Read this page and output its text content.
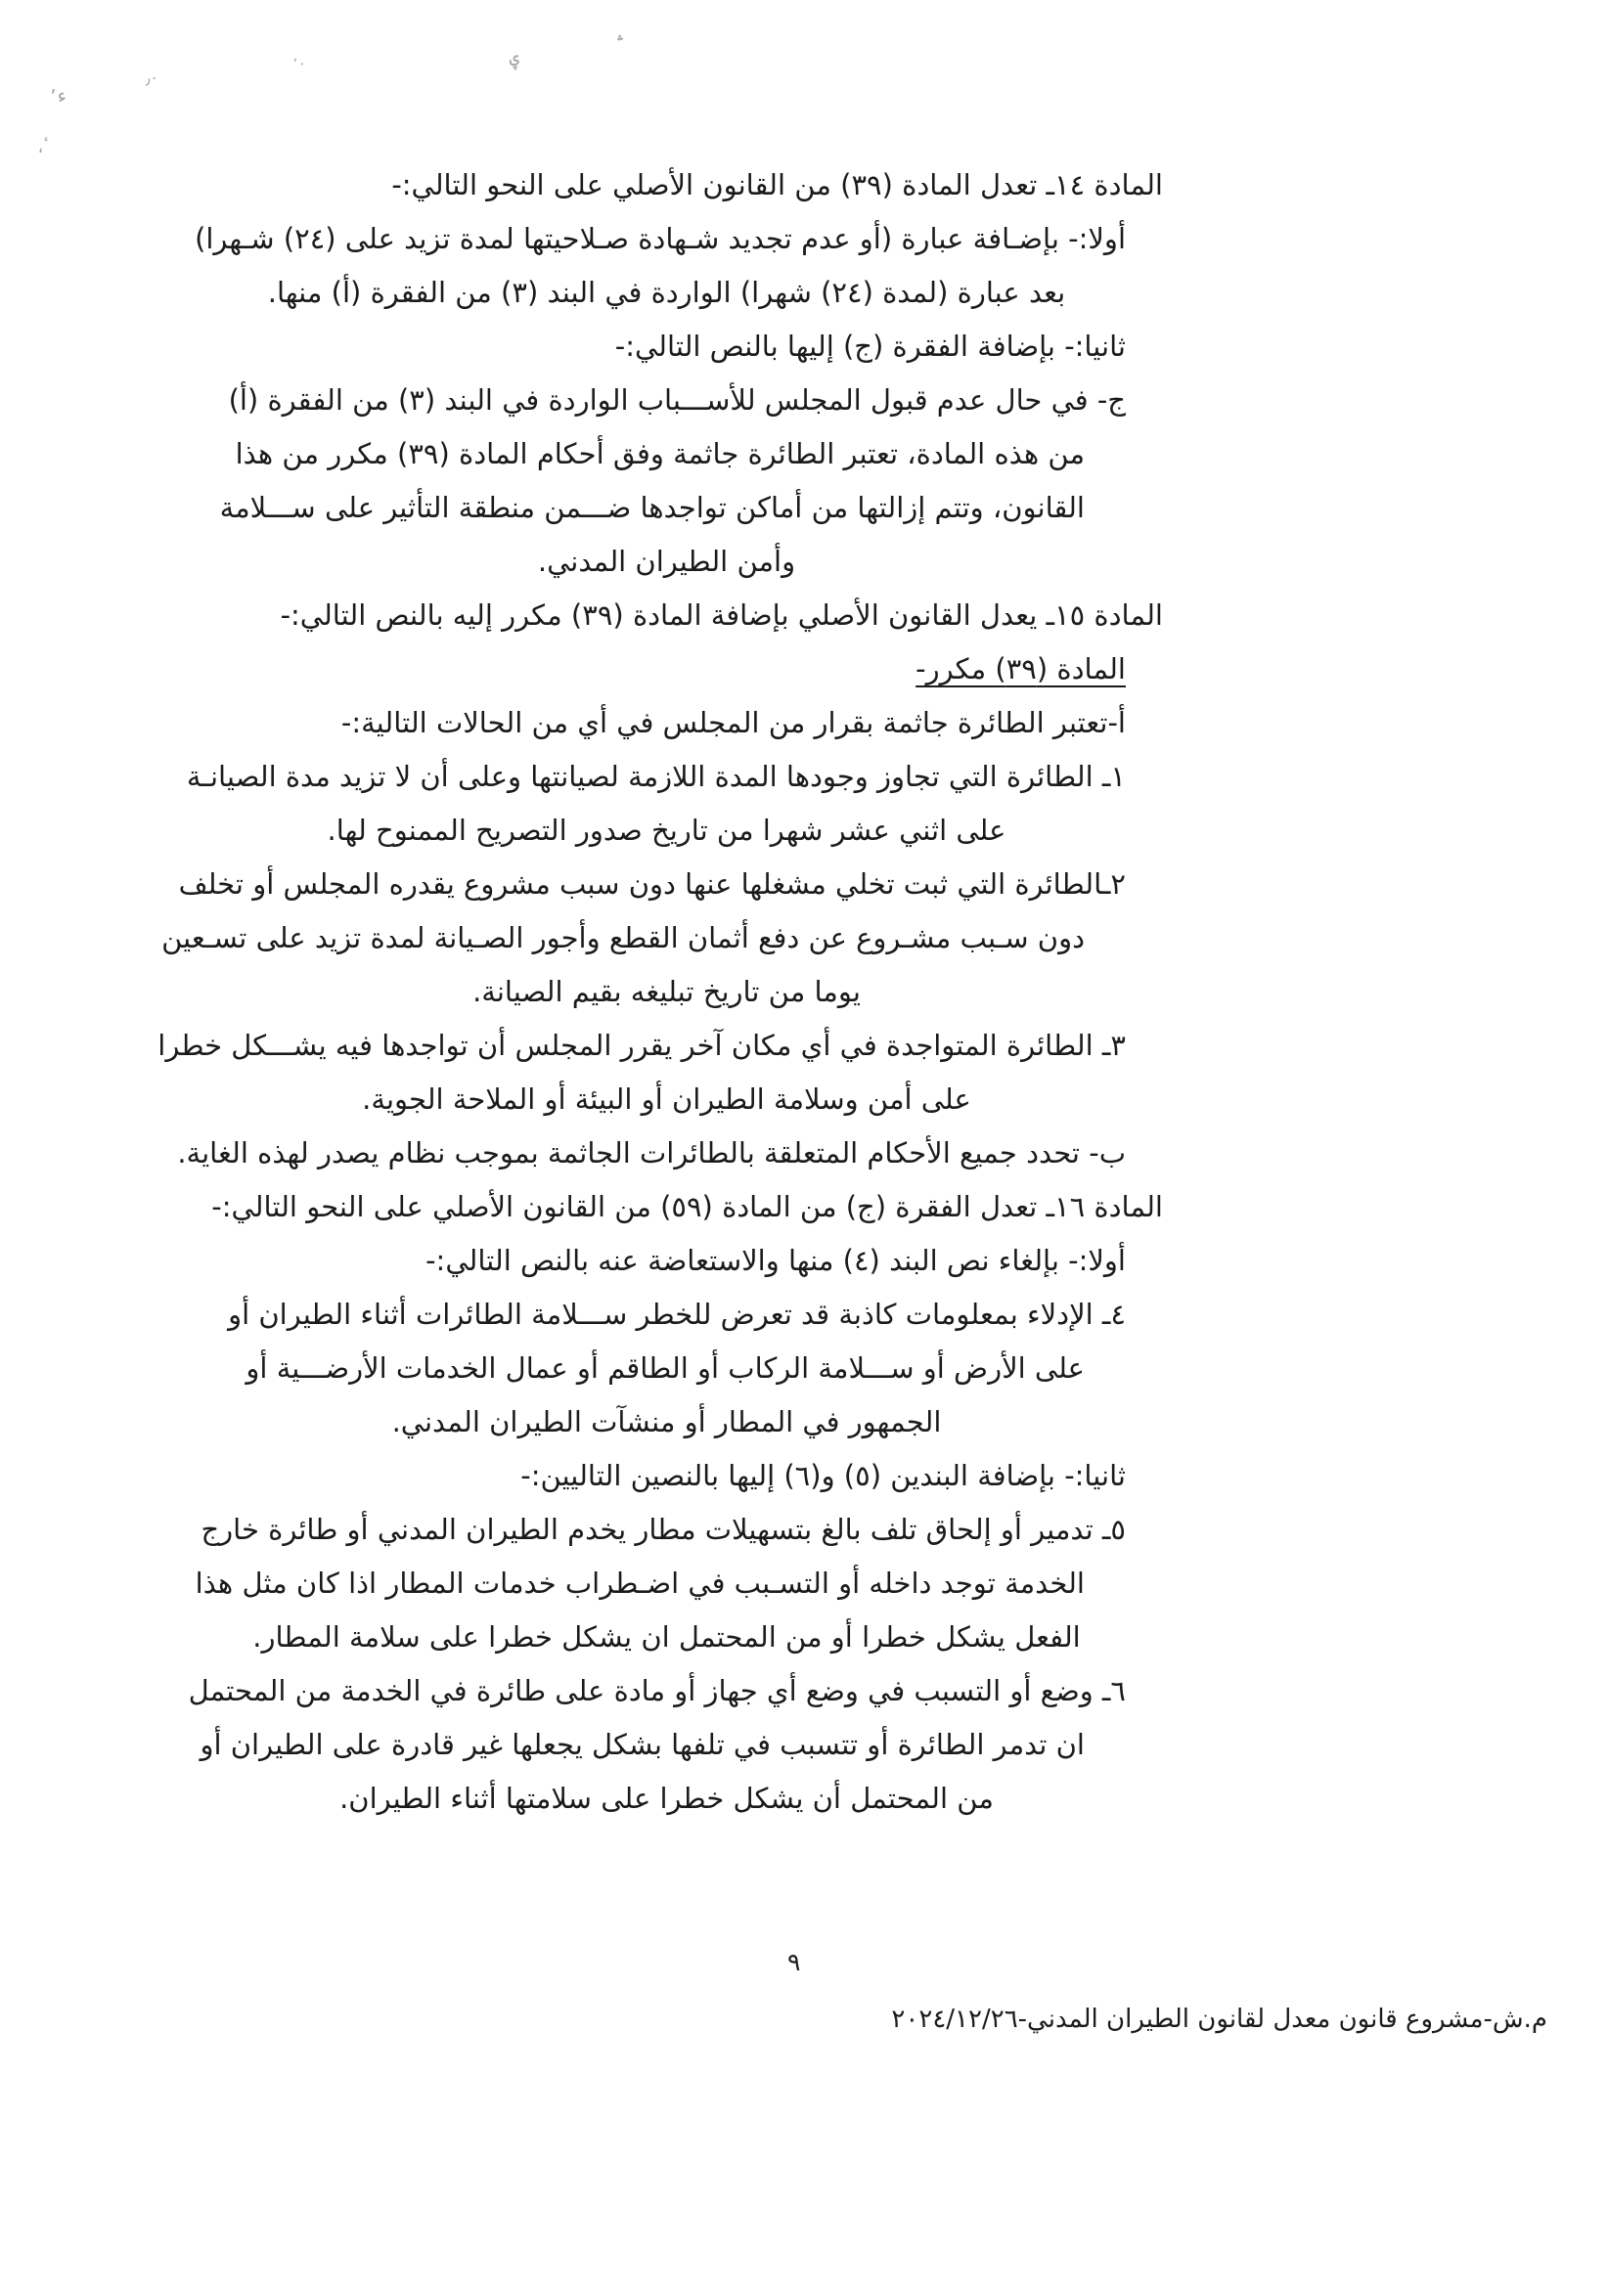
ء٬
٫٠
٬٠	ۑ
؞
ٔ،
المادة ١٤ـ تعدل المادة (٣٩) من القانون الأصلي على النحو التالي:-
أولا:- بإضـافة عبارة (أو عدم تجديد شـهادة صـلاحيتها لمدة تزيد على (٢٤) شـهرا)
بعد عبارة (لمدة (٢٤) شهرا) الواردة في البند (٣) من الفقرة (أ) منها.
ثانيا:- بإضافة الفقرة (ج) إليها بالنص التالي:-
ج- في حال عدم قبول المجلس للأســـباب الواردة في البند (٣) من الفقرة (أ)
من هذه المادة، تعتبر الطائرة جاثمة وفق أحكام المادة (٣٩) مكرر من هذا
القانون، وتتم إزالتها من أماكن تواجدها ضـــمن منطقة التأثير على ســـلامة
وأمن الطيران المدني.
المادة ١٥ـ يعدل القانون الأصلي بإضافة المادة (٣٩) مكرر إليه بالنص التالي:-
المادة (٣٩) مكرر-
أ-تعتبر الطائرة جاثمة بقرار من المجلس في أي من الحالات التالية:-
١ـ الطائرة التي تجاوز وجودها المدة اللازمة لصيانتها وعلى أن لا تزيد مدة الصيانـة
على اثني عشر شهرا من تاريخ صدور التصريح الممنوح لها.
٢ـالطائرة التي ثبت تخلي مشغلها عنها دون سبب مشروع يقدره المجلس أو تخلف
دون سـبب مشـروع عن دفع أثمان القطع وأجور الصـيانة لمدة تزيد على تسـعين
يوما من تاريخ تبليغه بقيم الصيانة.
٣ـ الطائرة المتواجدة في أي مكان آخر يقرر المجلس أن تواجدها فيه يشـــكل خطرا
على أمن وسلامة الطيران أو البيئة أو الملاحة الجوية.
ب- تحدد جميع الأحكام المتعلقة بالطائرات الجاثمة بموجب نظام يصدر لهذه الغاية.
المادة ١٦ـ تعدل الفقرة (ج) من المادة (٥٩) من القانون الأصلي على النحو التالي:-
أولا:- بإلغاء نص البند (٤) منها والاستعاضة عنه بالنص التالي:-
٤ـ الإدلاء بمعلومات كاذبة قد تعرض للخطر ســـلامة الطائرات أثناء الطيران أو
على الأرض أو ســـلامة الركاب أو الطاقم أو عمال الخدمات الأرضـــية أو
الجمهور في المطار أو منشآت الطيران المدني.
ثانيا:- بإضافة البندين (٥) و(٦) إليها بالنصين التاليين:-
٥ـ تدمير أو إلحاق تلف بالغ بتسهيلات مطار يخدم الطيران المدني أو طائرة خارج
الخدمة توجد داخله أو التسـبب في اضـطراب خدمات المطار اذا كان مثل هذا
الفعل يشكل خطرا أو من المحتمل ان يشكل خطرا على سلامة المطار.
٦ـ وضع أو التسبب في وضع أي جهاز أو مادة على طائرة في الخدمة من المحتمل
ان تدمر الطائرة أو تتسبب في تلفها بشكل يجعلها غير قادرة على الطيران أو
من المحتمل أن يشكل خطرا على سلامتها أثناء الطيران.
٩
م.ش-مشروع قانون معدل لقانون الطيران المدني-٢٠٢٤/١٢/٢٦
